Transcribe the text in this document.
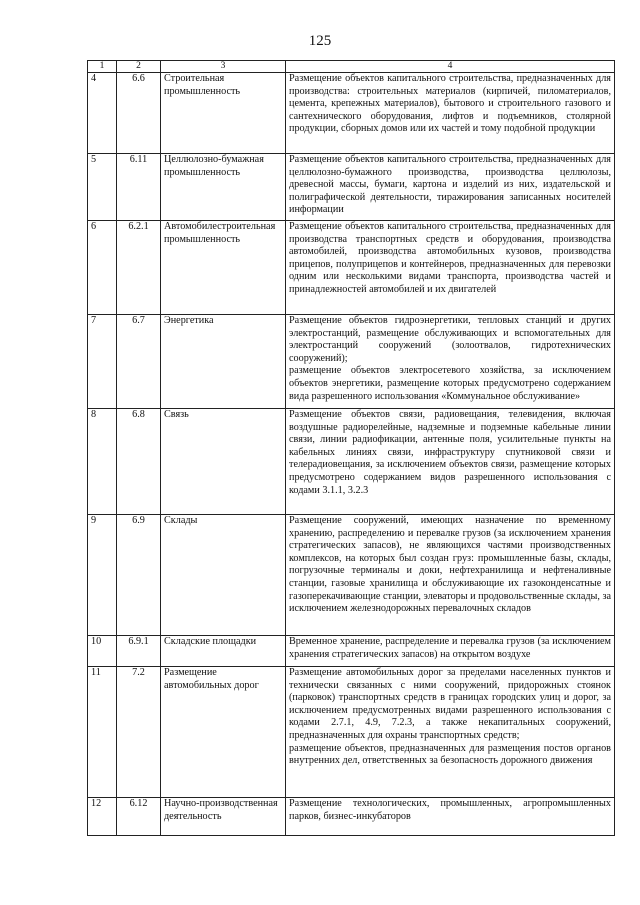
125
1	2	3	4
4	6.6	Строительная промышленность	Размещение объектов капитального строительства, предназначенных для производства: строительных материалов (кирпичей, пиломатериалов, цемента, крепежных материалов), бытового и строительного газового и сантехнического оборудования, лифтов и подъемников, столярной продукции, сборных домов или их частей и тому подобной продукции

5	6.11	Целлюлозно-бумажная промышленность	Размещение объектов капитального строительства, предназначенных для целлюлозно-бумажного производства, производства целлюлозы, древесной массы, бумаги, картона и изделий из них, издательской и полиграфической деятельности, тиражирования записанных носителей информации

6	6.2.1	Автомобилестроительная промышленность	Размещение объектов капитального строительства, предназначенных для производства транспортных средств и оборудования, производства автомобилей, производства автомобильных кузовов, производства прицепов, полуприцепов и контейнеров, предназначенных для перевозки одним или несколькими видами транспорта, производства частей и принадлежностей автомобилей и их двигателей

7	6.7	Энергетика	Размещение объектов гидроэнергетики, тепловых станций и других электростанций, размещение обслуживающих и вспомогательных для электростанций сооружений (золоотвалов, гидротехнических сооружений);
размещение объектов электросетевого хозяйства, за исключением объектов энергетики, размещение которых предусмотрено содержанием вида разрешенного использования «Коммунальное обслуживание»

8	6.8	Связь	Размещение объектов связи, радиовещания, телевидения, включая воздушные радиорелейные, надземные и подземные кабельные линии связи, линии радиофикации, антенные поля, усилительные пункты на кабельных линиях связи, инфраструктуру спутниковой связи и телерадиовещания, за исключением объектов связи, размещение которых предусмотрено содержанием видов разрешенного использования с кодами 3.1.1, 3.2.3

9	6.9	Склады	Размещение сооружений, имеющих назначение по временному хранению, распределению и перевалке грузов (за исключением хранения стратегических запасов), не являющихся частями производственных комплексов, на которых был создан груз: промышленные базы, склады, погрузочные терминалы и доки, нефтехранилища и нефтеналивные станции, газовые хранилища и обслуживающие их газоконденсатные и газоперекачивающие станции, элеваторы и продовольственные склады, за исключением железнодорожных перевалочных складов

10	6.9.1	Складские площадки	Временное хранение, распределение и перевалка грузов (за исключением хранения стратегических запасов) на открытом воздухе

11	7.2	Размещение автомобильных дорог	Размещение автомобильных дорог за пределами населенных пунктов и технически связанных с ними сооружений, придорожных стоянок (парковок) транспортных средств в границах городских улиц и дорог, за исключением предусмотренных видами разрешенного использования с кодами 2.7.1, 4.9, 7.2.3, а также некапитальных сооружений, предназначенных для охраны транспортных средств;
размещение объектов, предназначенных для размещения постов органов внутренних дел, ответственных за безопасность дорожного движения

12	6.12	Научно-производственная деятельность	Размещение технологических, промышленных, агропромышленных парков, бизнес-инкубаторов
